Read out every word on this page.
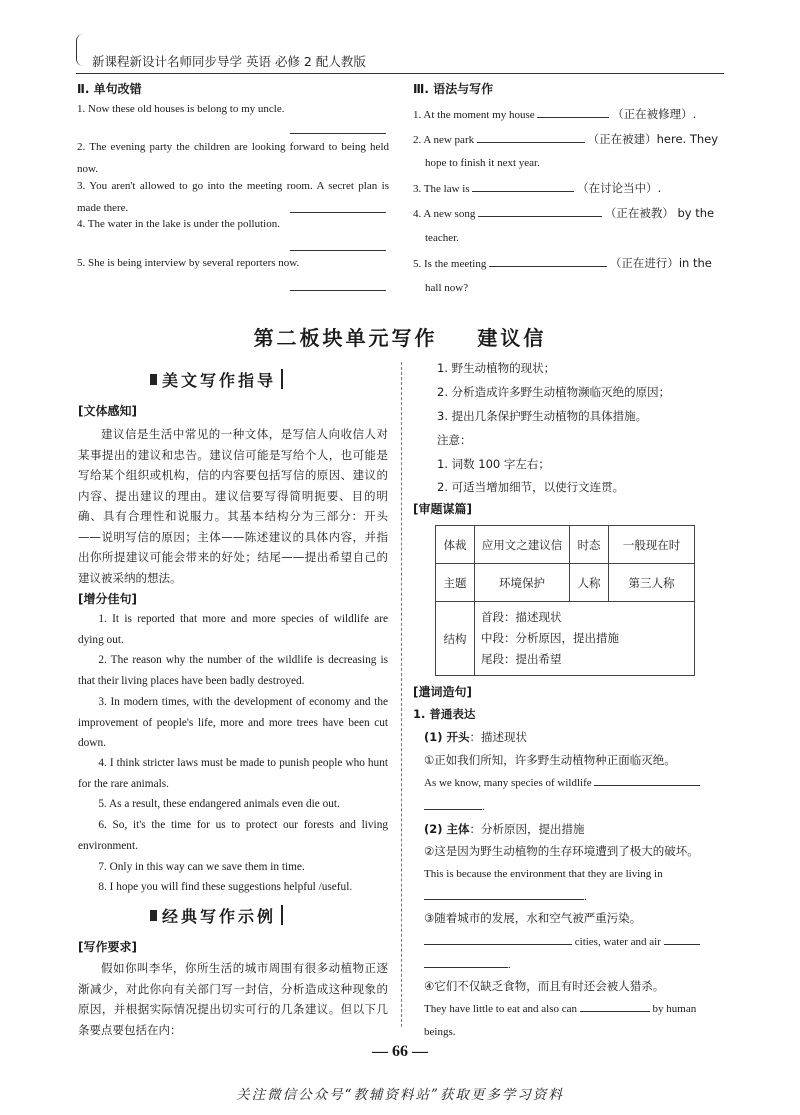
新课程新设计名师同步导学 英语 必修 2 配人教版
Ⅱ. 单句改错
1. Now these old houses is belong to my uncle.
2. The evening party the children are looking forward to being held now.
3. You aren't allowed to go into the meeting room. A secret plan is made there.
4. The water in the lake is under the pollution.
5. She is being interview by several reporters now.
Ⅲ. 语法与写作
1. At the moment my house	（正在被修理）.
2. A new park	（正在被建）here. They
hope to finish it next year.
3. The law is	（在讨论当中）.
4. A new song	（正在被教） by the
teacher.
5. Is the meeting	（正在进行）in the
hall now?
第二板块单元写作    建议信
美文写作指导
[文体感知]
建议信是生活中常见的一种文体，是写信人向收信人对某事提出的建议和忠告。建议信可能是写给个人，也可能是写给某个组织或机构，信的内容要包括写信的原因、建议的内容、提出建议的理由。建议信要写得简明扼要、目的明确、具有合理性和说服力。其基本结构分为三部分：开头——说明写信的原因；主体——陈述建议的具体内容，并指出你所提建议可能会带来的好处；结尾——提出希望自己的建议被采纳的想法。
[增分佳句]
1. It is reported that more and more species of wildlife are dying out.
2. The reason why the number of the wildlife is decreasing is that their living places have been badly destroyed.
3. In modern times, with the development of economy and the improvement of people's life, more and more trees have been cut down.
4. I think stricter laws must be made to punish people who hunt for the rare animals.
5. As a result, these endangered animals even die out.
6. So, it's the time for us to protect our forests and living environment.
7. Only in this way can we save them in time.
8. I hope you will find these suggestions helpful /useful.
经典写作示例
[写作要求]
假如你叫李华，你所生活的城市周围有很多动植物正逐渐减少，对此你向有关部门写一封信，分析造成这种现象的原因，并根据实际情况提出切实可行的几条建议。但以下几条要点要包括在内：
1. 野生动植物的现状；
2. 分析造成许多野生动植物濒临灭绝的原因；
3. 提出几条保护野生动植物的具体措施。
注意：
1. 词数 100 字左右；
2. 可适当增加细节，以使行文连贯。
[审题谋篇]
体裁	应用文之建议信	时态	一般现在时
主题	环境保护	人称	第三人称
结构	首段：描述现状
中段：分析原因，提出措施
尾段：提出希望		
[遣词造句]
1. 普通表达
(1) 开头：描述现状
①正如我们所知，许多野生动植物种正面临灭绝。
As we know, many species of wildlife
.
(2) 主体：分析原因，提出措施
②这是因为野生动植物的生存环境遭到了极大的破坏。
This is because the environment that they are living in
.
③随着城市的发展，水和空气被严重污染。
cities, water and air
.
④它们不仅缺乏食物，而且有时还会被人猎杀。
They have little to eat and also can	by human
beings.
— 66 —
关注微信公众号“教辅资料站”获取更多学习资料
